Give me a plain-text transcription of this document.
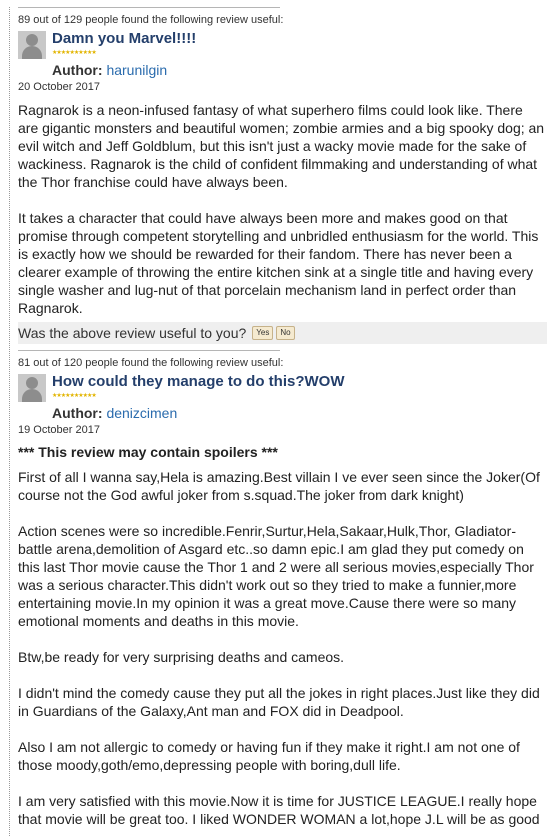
89 out of 129 people found the following review useful:
Damn you Marvel!!!!
★★★★★★★★★★
Author: harunilgin
20 October 2017

Ragnarok is a neon-infused fantasy of what superhero films could look like. There are gigantic monsters and beautiful women; zombie armies and a big spooky dog; an evil witch and Jeff Goldblum, but this isn't just a wacky movie made for the sake of wackiness. Ragnarok is the child of confident filmmaking and understanding of what the Thor franchise could have always been.

It takes a character that could have always been more and makes good on that promise through competent storytelling and unbridled enthusiasm for the world. This is exactly how we should be rewarded for their fandom. There has never been a clearer example of throwing the entire kitchen sink at a single title and having every single washer and lug-nut of that porcelain mechanism land in perfect order than Ragnarok.

Was the above review useful to you?	Yes	No
81 out of 120 people found the following review useful:
How could they manage to do this?WOW
★★★★★★★★★★
Author: denizcimen
19 October 2017
*** This review may contain spoilers ***

First of all I wanna say,Hela is amazing.Best villain I ve ever seen since the Joker(Of course not the God awful joker from s.squad.The joker from dark knight)

Action scenes were so incredible.Fenrir,Surtur,Hela,Sakaar,Hulk,Thor, Gladiator-battle arena,demolition of Asgard etc..so damn epic.I am glad they put comedy on this last Thor movie cause the Thor 1 and 2 were all serious movies,especially Thor was a serious character.This didn't work out so they tried to make a funnier,more entertaining movie.In my opinion it was a great move.Cause there were so many emotional moments and deaths in this movie.

Btw,be ready for very surprising deaths and cameos.

I didn't mind the comedy cause they put all the jokes in right places.Just like they did in Guardians of the Galaxy,Ant man and FOX did in Deadpool.

Also I am not allergic to comedy or having fun if they make it right.I am not one of those moody,goth/emo,depressing people with boring,dull life.

I am very satisfied with this movie.Now it is time for JUSTICE LEAGUE.I really hope that movie will be great too. I liked WONDER WOMAN a lot,hope J.L will be as good
